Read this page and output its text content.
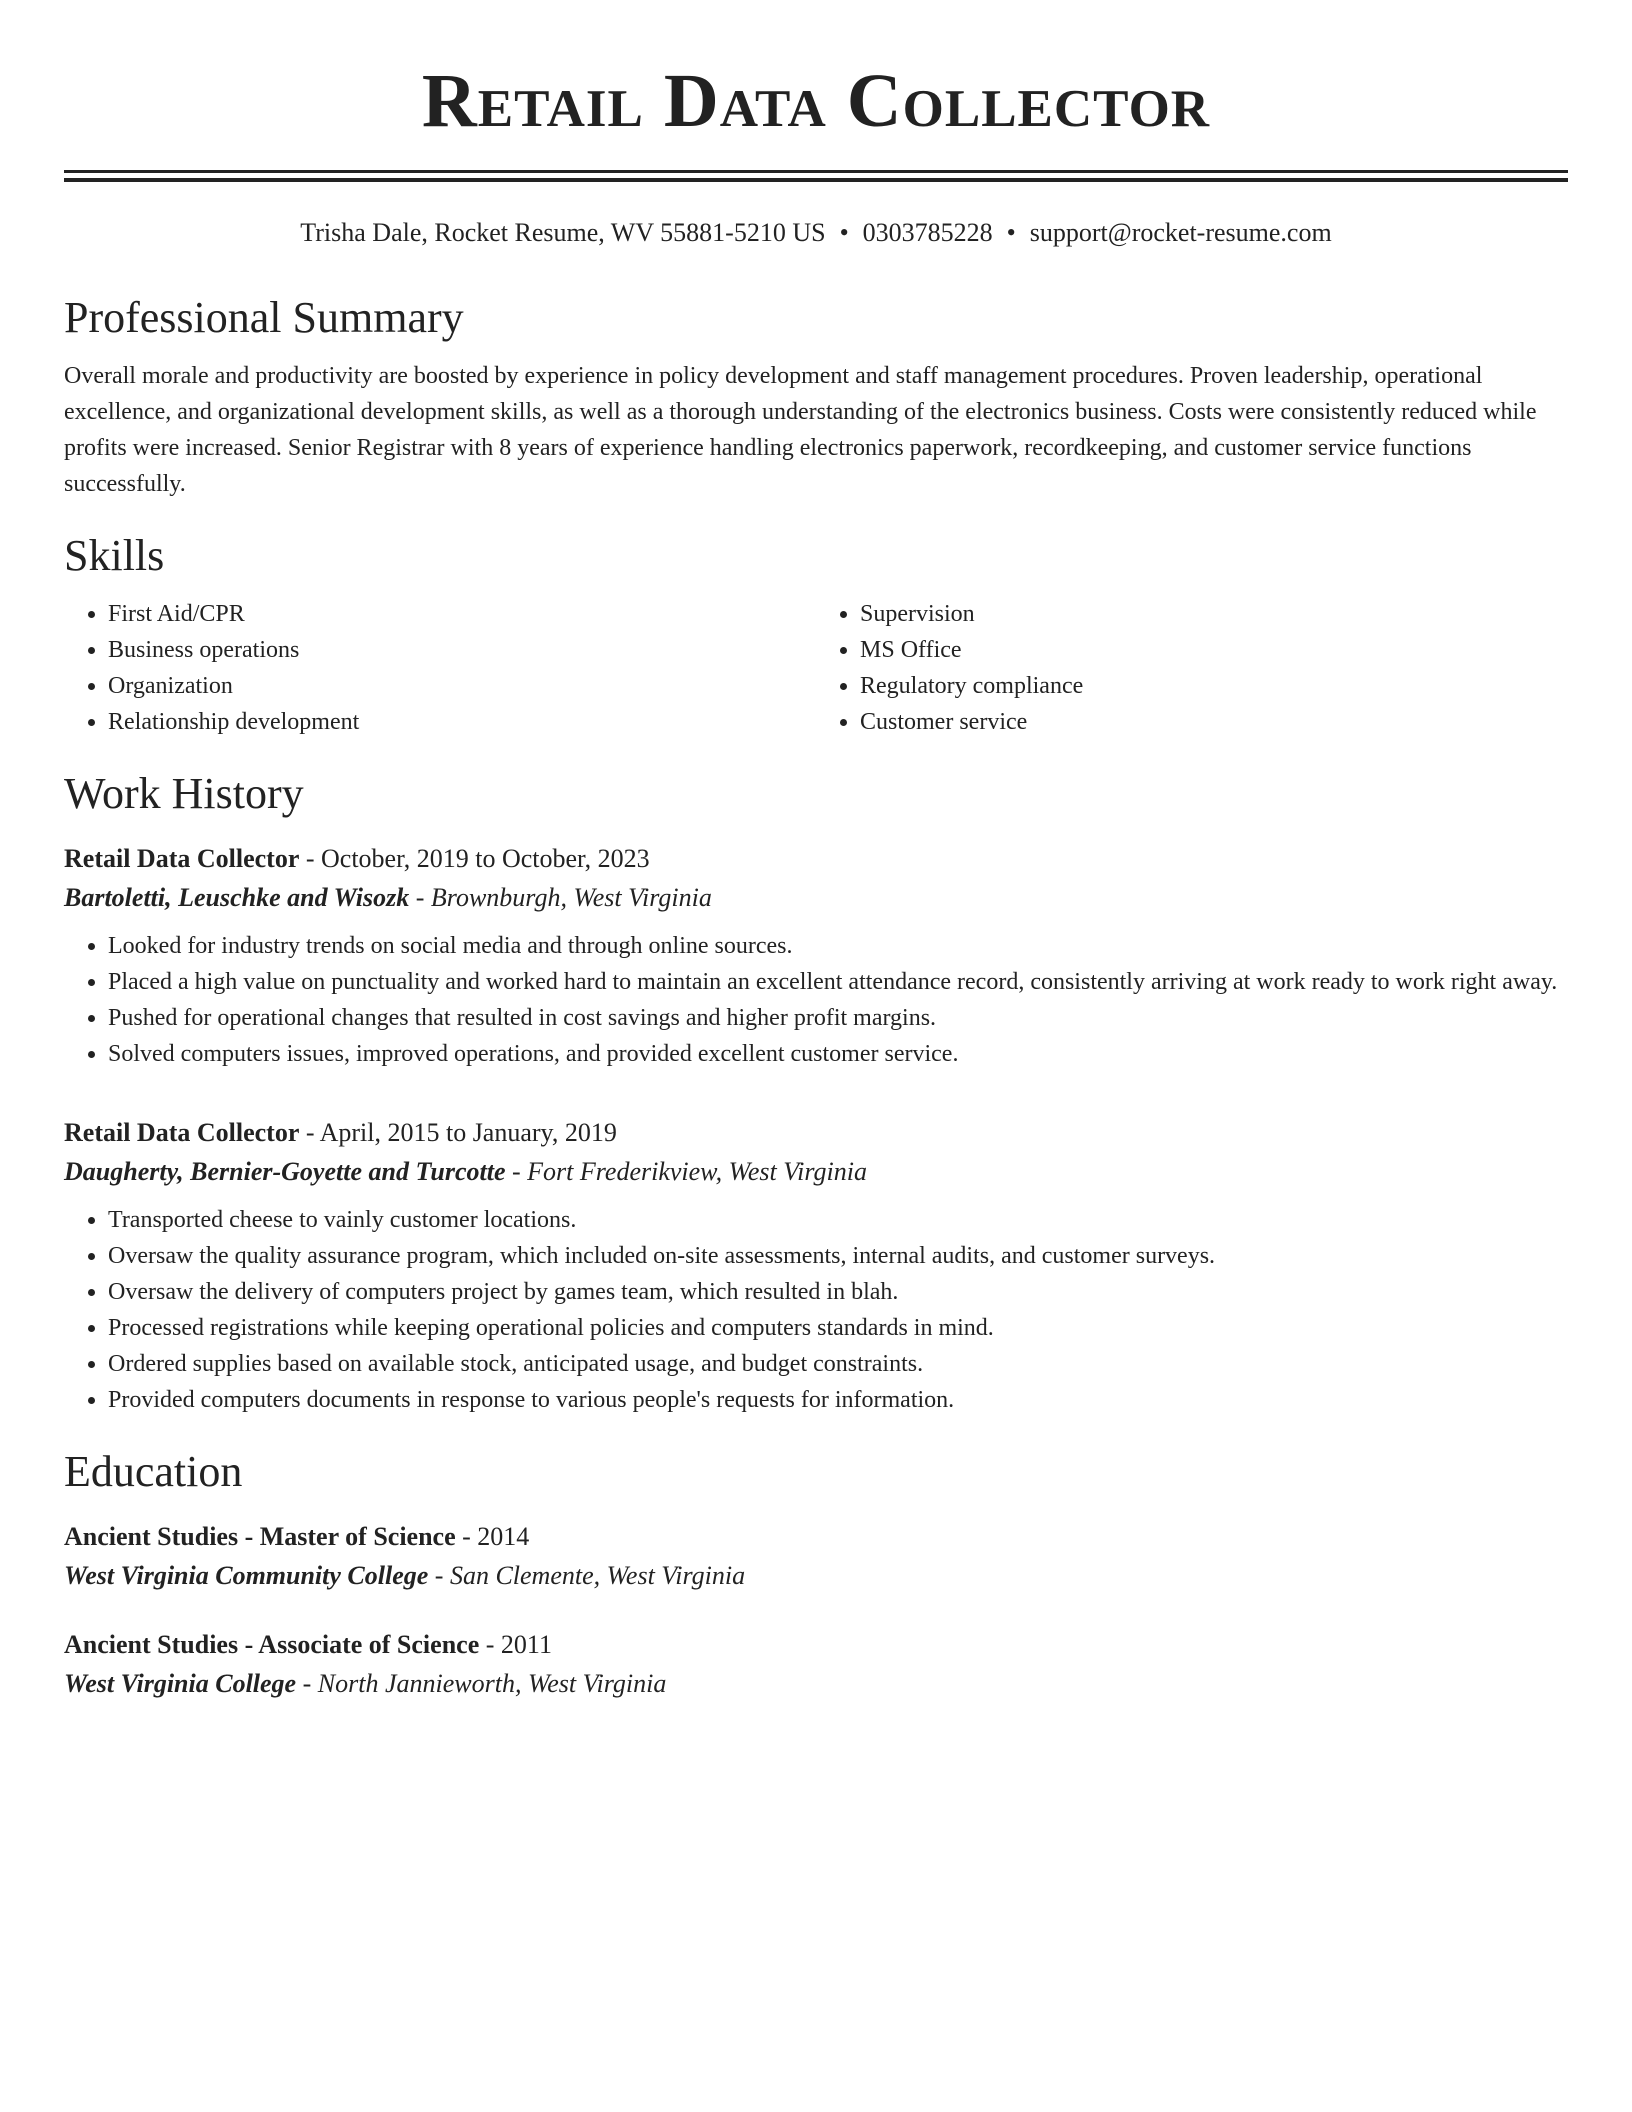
Retail Data Collector
Trisha Dale, Rocket Resume, WV 55881-5210 US • 0303785228 • support@rocket-resume.com
Professional Summary
Overall morale and productivity are boosted by experience in policy development and staff management procedures. Proven leadership, operational excellence, and organizational development skills, as well as a thorough understanding of the electronics business. Costs were consistently reduced while profits were increased. Senior Registrar with 8 years of experience handling electronics paperwork, recordkeeping, and customer service functions successfully.
Skills
• First Aid/CPR
• Business operations
• Organization
• Relationship development
• Supervision
• MS Office
• Regulatory compliance
• Customer service
Work History
Retail Data Collector - October, 2019 to October, 2023
Bartoletti, Leuschke and Wisozk - Brownburgh, West Virginia
• Looked for industry trends on social media and through online sources.
• Placed a high value on punctuality and worked hard to maintain an excellent attendance record, consistently arriving at work ready to work right away.
• Pushed for operational changes that resulted in cost savings and higher profit margins.
• Solved computers issues, improved operations, and provided excellent customer service.
Retail Data Collector - April, 2015 to January, 2019
Daugherty, Bernier-Goyette and Turcotte - Fort Frederikview, West Virginia
• Transported cheese to vainly customer locations.
• Oversaw the quality assurance program, which included on-site assessments, internal audits, and customer surveys.
• Oversaw the delivery of computers project by games team, which resulted in blah.
• Processed registrations while keeping operational policies and computers standards in mind.
• Ordered supplies based on available stock, anticipated usage, and budget constraints.
• Provided computers documents in response to various people's requests for information.
Education
Ancient Studies - Master of Science - 2014
West Virginia Community College - San Clemente, West Virginia
Ancient Studies - Associate of Science - 2011
West Virginia College - North Jannieworth, West Virginia
